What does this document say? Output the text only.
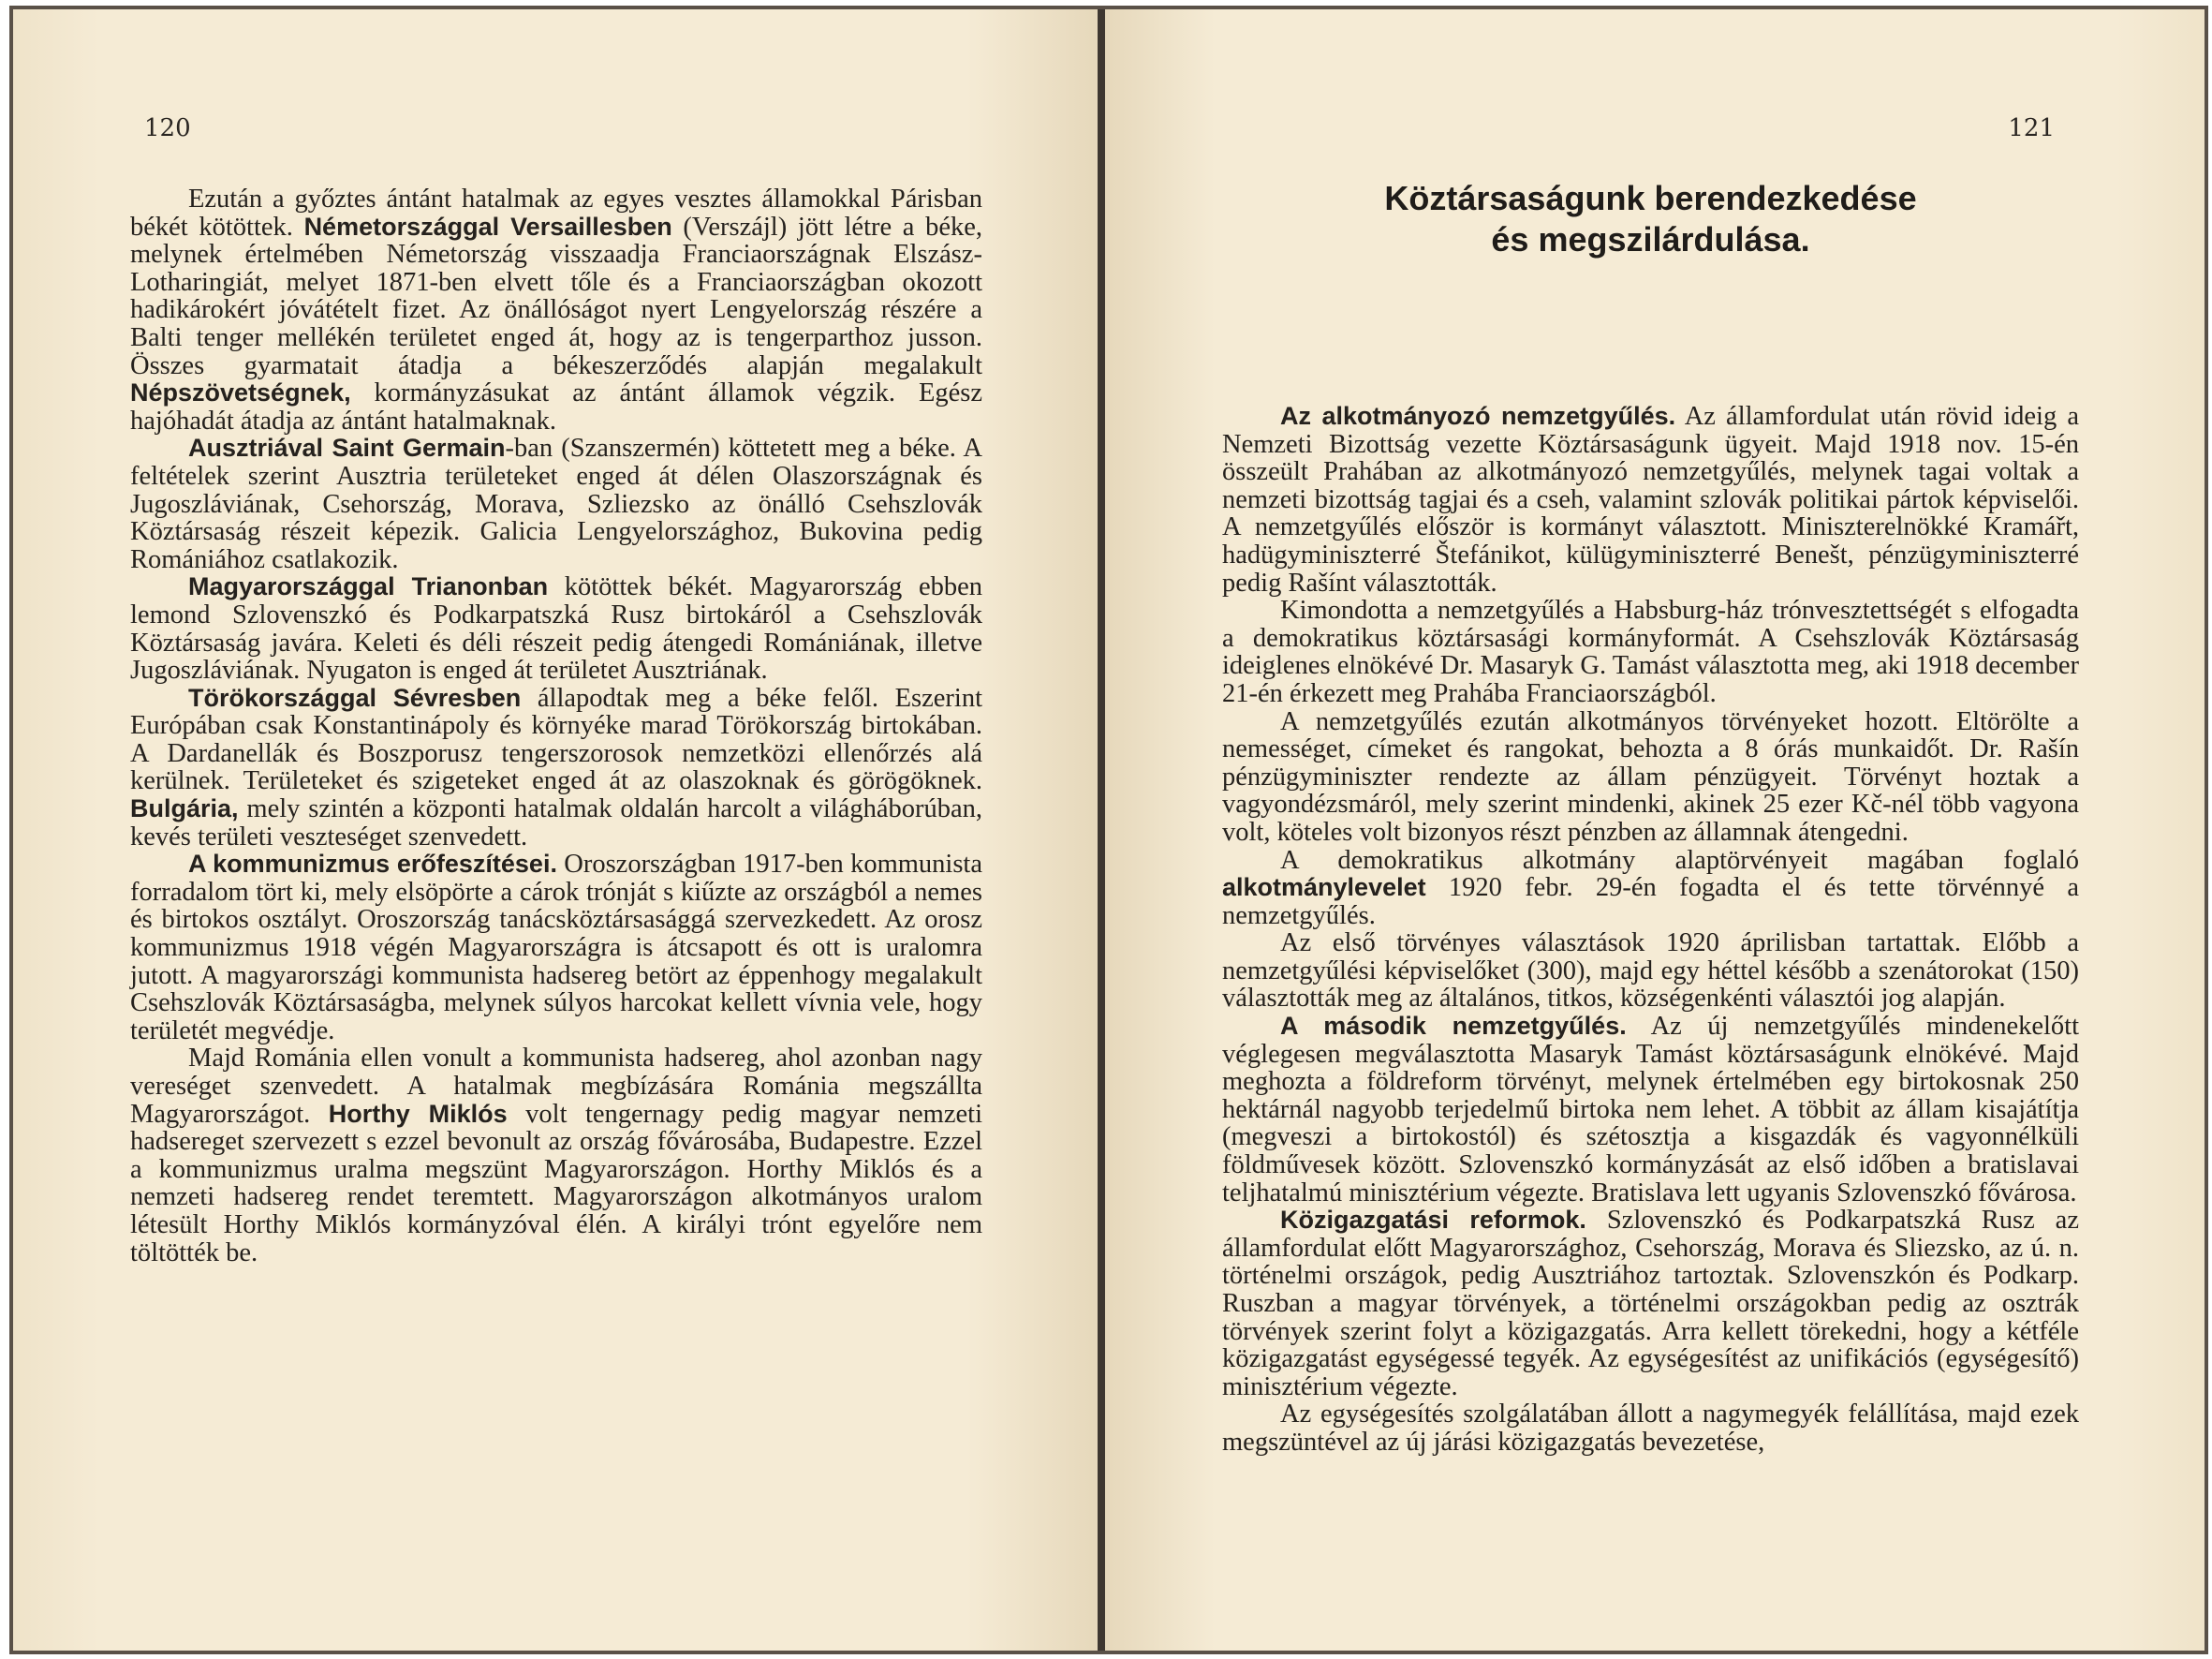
120

Ezután a győztes ántánt hatalmak az egyes vesztes államokkal Párisban békét kötöttek. Németországgal Versaillesben (Verszájl) jött létre a béke, melynek értelmében Németország visszaadja Franciaországnak Elszász-Lotharingiát, melyet 1871-ben elvett tőle és a Franciaországban okozott hadikárokért jóvátételt fizet. Az önállóságot nyert Lengyelország részére a Balti tenger mellékén területet enged át, hogy az is tengerparthoz jusson. Összes gyarmatait átadja a békeszerződés alapján megalakult Népszövetségnek, kormányzásukat az ántánt államok végzik. Egész hajóhadát átadja az ántánt hatalmaknak.

Ausztriával Saint Germain-ban (Szanszermén) köttetett meg a béke. A feltételek szerint Ausztria területeket enged át délen Olaszországnak és Jugoszláviának, Csehország, Morava, Szliezsko az önálló Csehszlovák Köztársaság részeit képezik. Galicia Lengyelországhoz, Bukovina pedig Romániához csatlakozik.

Magyarországgal Trianonban kötöttek békét. Magyarország ebben lemond Szlovenszkó és Podkarpatszká Rusz birtokáról a Csehszlovák Köztársaság javára. Keleti és déli részeit pedig átengedi Romániának, illetve Jugoszláviának. Nyugaton is enged át területet Ausztriának.

Törökországgal Sévresben állapodtak meg a béke felől. Eszerint Európában csak Konstantinápoly és környéke marad Törökország birtokában. A Dardanellák és Boszporusz tengerszorosok nemzetközi ellenőrzés alá kerülnek. Területeket és szigeteket enged át az olaszoknak és görögöknek. Bulgária, mely szintén a központi hatalmak oldalán harcolt a világháborúban, kevés területi veszteséget szenvedett.

A kommunizmus erőfeszítései. Oroszországban 1917-ben kommunista forradalom tört ki, mely elsöpörte a cárok trónját s kiűzte az országból a nemes és birtokos osztályt. Oroszország tanácsköztársasággá szervezkedett. Az orosz kommunizmus 1918 végén Magyarországra is átcsapott és ott is uralomra jutott. A magyarországi kommunista hadsereg betört az éppenhogy megalakult Csehszlovák Köztársaságba, melynek súlyos harcokat kellett vívnia vele, hogy területét megvédje.

Majd Románia ellen vonult a kommunista hadsereg, ahol azonban nagy vereséget szenvedett. A hatalmak megbízására Románia megszállta Magyarországot. Horthy Miklós volt tengernagy pedig magyar nemzeti hadsereget szervezett s ezzel bevonult az ország fővárosába, Budapestre. Ezzel a kommunizmus uralma megszünt Magyarországon. Horthy Miklós és a nemzeti hadsereg rendet teremtett. Magyarországon alkotmányos uralom létesült Horthy Miklós kormányzóval élén. A királyi trónt egyelőre nem töltötték be.

121
Köztársaságunk berendezkedése
és megszilárdulása.

Az alkotmányozó nemzetgyűlés. Az államfordulat után rövid ideig a Nemzeti Bizottság vezette Köztársaságunk ügyeit. Majd 1918 nov. 15-én összeült Prahában az alkotmányozó nemzetgyűlés, melynek tagai voltak a nemzeti bizottság tagjai és a cseh, valamint szlovák politikai pártok képviselői. A nemzetgyűlés először is kormányt választott. Miniszterelnökké Kramářt, hadügyminiszterré Štefánikot, külügyminiszterré Benešt, pénzügyminiszterré pedig Rašínt választották.

Kimondotta a nemzetgyűlés a Habsburg-ház trónvesztettségét s elfogadta a demokratikus köztársasági kormányformát. A Csehszlovák Köztársaság ideiglenes elnökévé Dr. Masaryk G. Tamást választotta meg, aki 1918 december 21-én érkezett meg Prahába Franciaországból.

A nemzetgyűlés ezután alkotmányos törvényeket hozott. Eltörölte a nemességet, címeket és rangokat, behozta a 8 órás munkaidőt. Dr. Rašín pénzügyminiszter rendezte az állam pénzügyeit. Törvényt hoztak a vagyondézsmáról, mely szerint mindenki, akinek 25 ezer Kč-nél több vagyona volt, köteles volt bizonyos részt pénzben az államnak átengedni.

A demokratikus alkotmány alaptörvényeit magában foglaló alkotmánylevelet 1920 febr. 29-én fogadta el és tette törvénnyé a nemzetgyűlés.

Az első törvényes választások 1920 áprilisban tartattak. Előbb a nemzetgyűlési képviselőket (300), majd egy héttel később a szenátorokat (150) választották meg az általános, titkos, községenkénti választói jog alapján.

A második nemzetgyűlés. Az új nemzetgyűlés mindenekelőtt véglegesen megválasztotta Masaryk Tamást köztársaságunk elnökévé. Majd meghozta a földreform törvényt, melynek értelmében egy birtokosnak 250 hektárnál nagyobb terjedelmű birtoka nem lehet. A többit az állam kisajátítja (megveszi a birtokostól) és szétosztja a kisgazdák és vagyonnélküli földművesek között. Szlovenszkó kormányzását az első időben a bratislavai teljhatalmú minisztérium végezte. Bratislava lett ugyanis Szlovenszkó fővárosa.

Közigazgatási reformok. Szlovenszkó és Podkarpatszká Rusz az államfordulat előtt Magyarországhoz, Csehország, Morava és Sliezsko, az ú. n. történelmi országok, pedig Ausztriához tartoztak. Szlovenszkón és Podkarp. Ruszban a magyar törvények, a történelmi országokban pedig az osztrák törvények szerint folyt a közigazgatás. Arra kellett törekedni, hogy a kétféle közigazgatást egységessé tegyék. Az egységesítést az unifikációs (egységesítő) minisztérium végezte.

Az egységesítés szolgálatában állott a nagymegyék felállítása, majd ezek megszüntével az új járási közigazgatás bevezetése,
